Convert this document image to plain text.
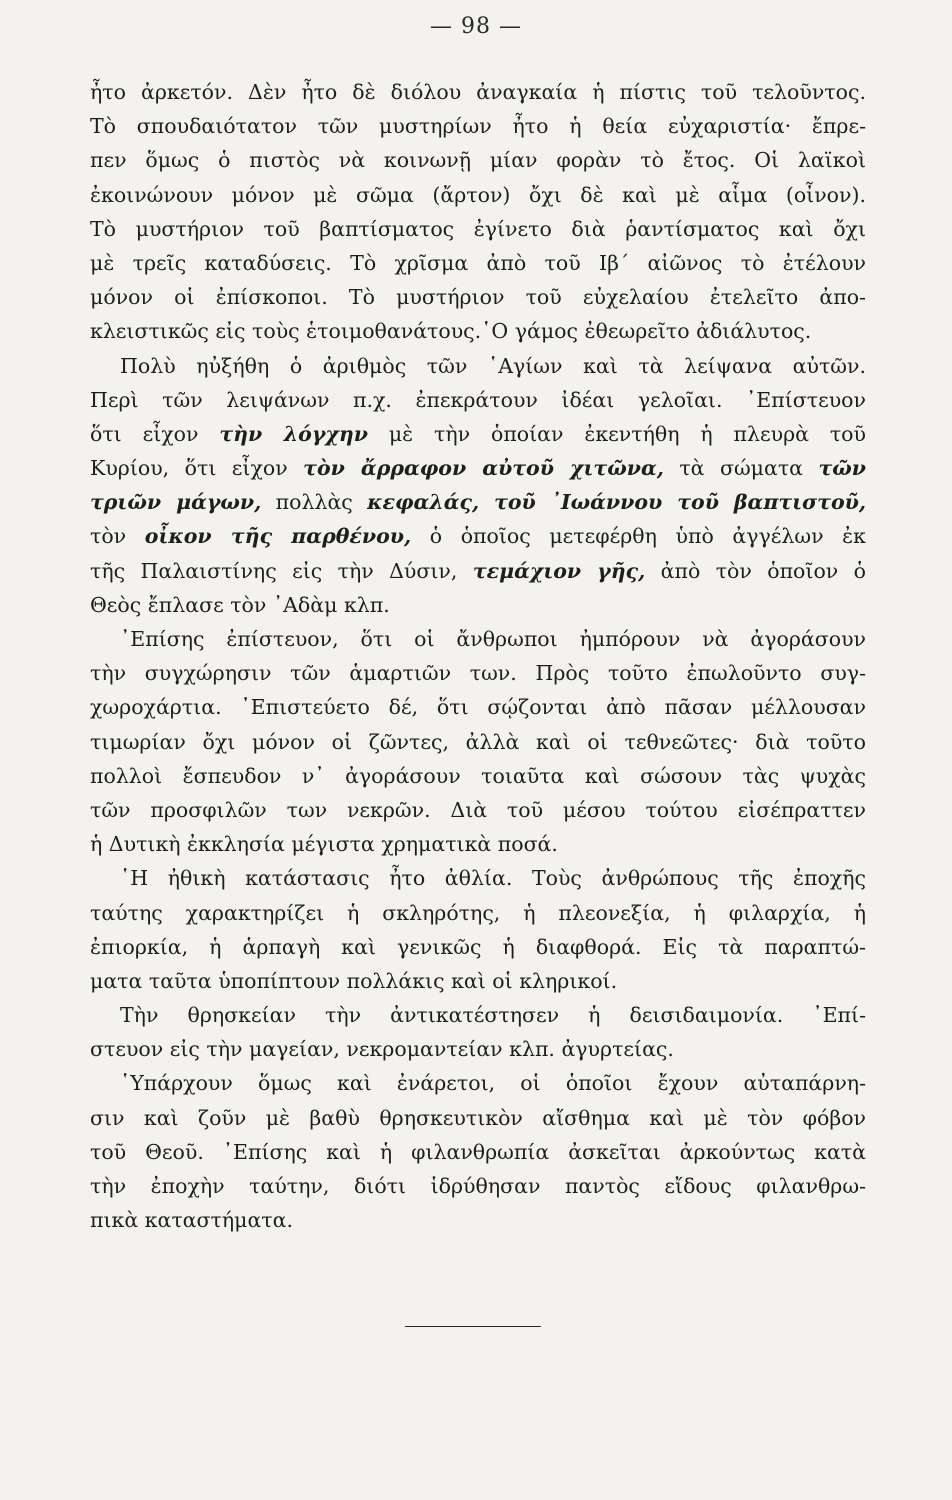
— 98 —
ἦτο ἀρκετόν. Δὲν ἦτο δὲ διόλου ἀναγκαία ἡ πίστις τοῦ τελοῦντος.
Τὸ σπουδαιότατον τῶν μυστηρίων ἦτο ἡ θεία εὐχαριστία· ἔπρε-
πεν ὅμως ὁ πιστὸς νὰ κοινωνῇ μίαν φορὰν τὸ ἔτος. Οἱ λαϊκοὶ
ἐκοινώνουν μόνον μὲ σῶμα (ἄρτον) ὄχι δὲ καὶ μὲ αἷμα (οἶνον).
Τὸ μυστήριον τοῦ βαπτίσματος ἐγίνετο διὰ ῥαντίσματος καὶ ὄχι
μὲ τρεῖς καταδύσεις. Τὸ χρῖσμα ἀπὸ τοῦ Ιβ΄ αἰῶνος τὸ ἐτέλουν
μόνον οἱ ἐπίσκοποι. Τὸ μυστήριον τοῦ εὐχελαίου ἐτελεῖτο ἀπο-
κλειστικῶς εἰς τοὺς ἑτοιμοθανάτους.῾Ο γάμος ἐθεωρεῖτο ἀδιάλυτος.
Πολὺ ηὐξήθη ὁ ἀριθμὸς τῶν ῾Αγίων καὶ τὰ λείψανα αὐτῶν.
Περὶ τῶν λειψάνων π.χ. ἐπεκράτουν ἰδέαι γελοῖαι. ᾿Επίστευον
ὅτι εἶχον τὴν λόγχην μὲ τὴν ὁποίαν ἐκεντήθη ἡ πλευρὰ τοῦ
Κυρίου, ὅτι εἶχον τὸν ἄρραφον αὐτοῦ χιτῶνα, τὰ σώματα τῶν
τριῶν μάγων, πολλὰς κεφαλάς, τοῦ ᾿Ιωάννου τοῦ βαπτιστοῦ,
τὸν οἶκον τῆς παρθένου, ὁ ὁποῖος μετεφέρθη ὑπὸ ἀγγέλων ἐκ
τῆς Παλαιστίνης εἰς τὴν Δύσιν, τεμάχιον γῆς, ἀπὸ τὸν ὁποῖον ὁ
Θεὸς ἔπλασε τὸν ᾿Αδὰμ κλπ.
᾿Επίσης ἐπίστευον, ὅτι οἱ ἄνθρωποι ἠμπόρουν νὰ ἀγοράσουν
τὴν συγχώρησιν τῶν ἁμαρτιῶν των. Πρὸς τοῦτο ἐπωλοῦντο συγ-
χωροχάρτια. ᾿Επιστεύετο δέ, ὅτι σῴζονται ἀπὸ πᾶσαν μέλλουσαν
τιμωρίαν ὄχι μόνον οἱ ζῶντες, ἀλλὰ καὶ οἱ τεθνεῶτες· διὰ τοῦτο
πολλοὶ ἔσπευδον ν᾿ ἀγοράσουν τοιαῦτα καὶ σώσουν τὰς ψυχὰς
τῶν προσφιλῶν των νεκρῶν. Διὰ τοῦ μέσου τούτου εἰσέπραττεν
ἡ Δυτικὴ ἐκκλησία μέγιστα χρηματικὰ ποσά.
῾Η ἠθικὴ κατάστασις ἦτο ἀθλία. Τοὺς ἀνθρώπους τῆς ἐποχῆς
ταύτης χαρακτηρίζει ἡ σκληρότης, ἡ πλεονεξία, ἡ φιλαρχία, ἡ
ἐπιορκία, ἡ ἁρπαγὴ καὶ γενικῶς ἡ διαφθορά. Εἰς τὰ παραπτώ-
ματα ταῦτα ὑποπίπτουν πολλάκις καὶ οἱ κληρικοί.
Τὴν θρησκείαν τὴν ἀντικατέστησεν ἡ δεισιδαιμονία. ᾿Επί-
στευον εἰς τὴν μαγείαν, νεκρομαντείαν κλπ. ἀγυρτείας.
῾Υπάρχουν ὅμως καὶ ἐνάρετοι, οἱ ὁποῖοι ἔχουν αὐταπάρνη-
σιν καὶ ζοῦν μὲ βαθὺ θρησκευτικὸν αἴσθημα καὶ μὲ τὸν φόβον
τοῦ Θεοῦ. ᾿Επίσης καὶ ἡ φιλανθρωπία ἀσκεῖται ἀρκούντως κατὰ
τὴν ἐποχὴν ταύτην, διότι ἱδρύθησαν παντὸς εἴδους φιλανθρω-
πικὰ καταστήματα.
